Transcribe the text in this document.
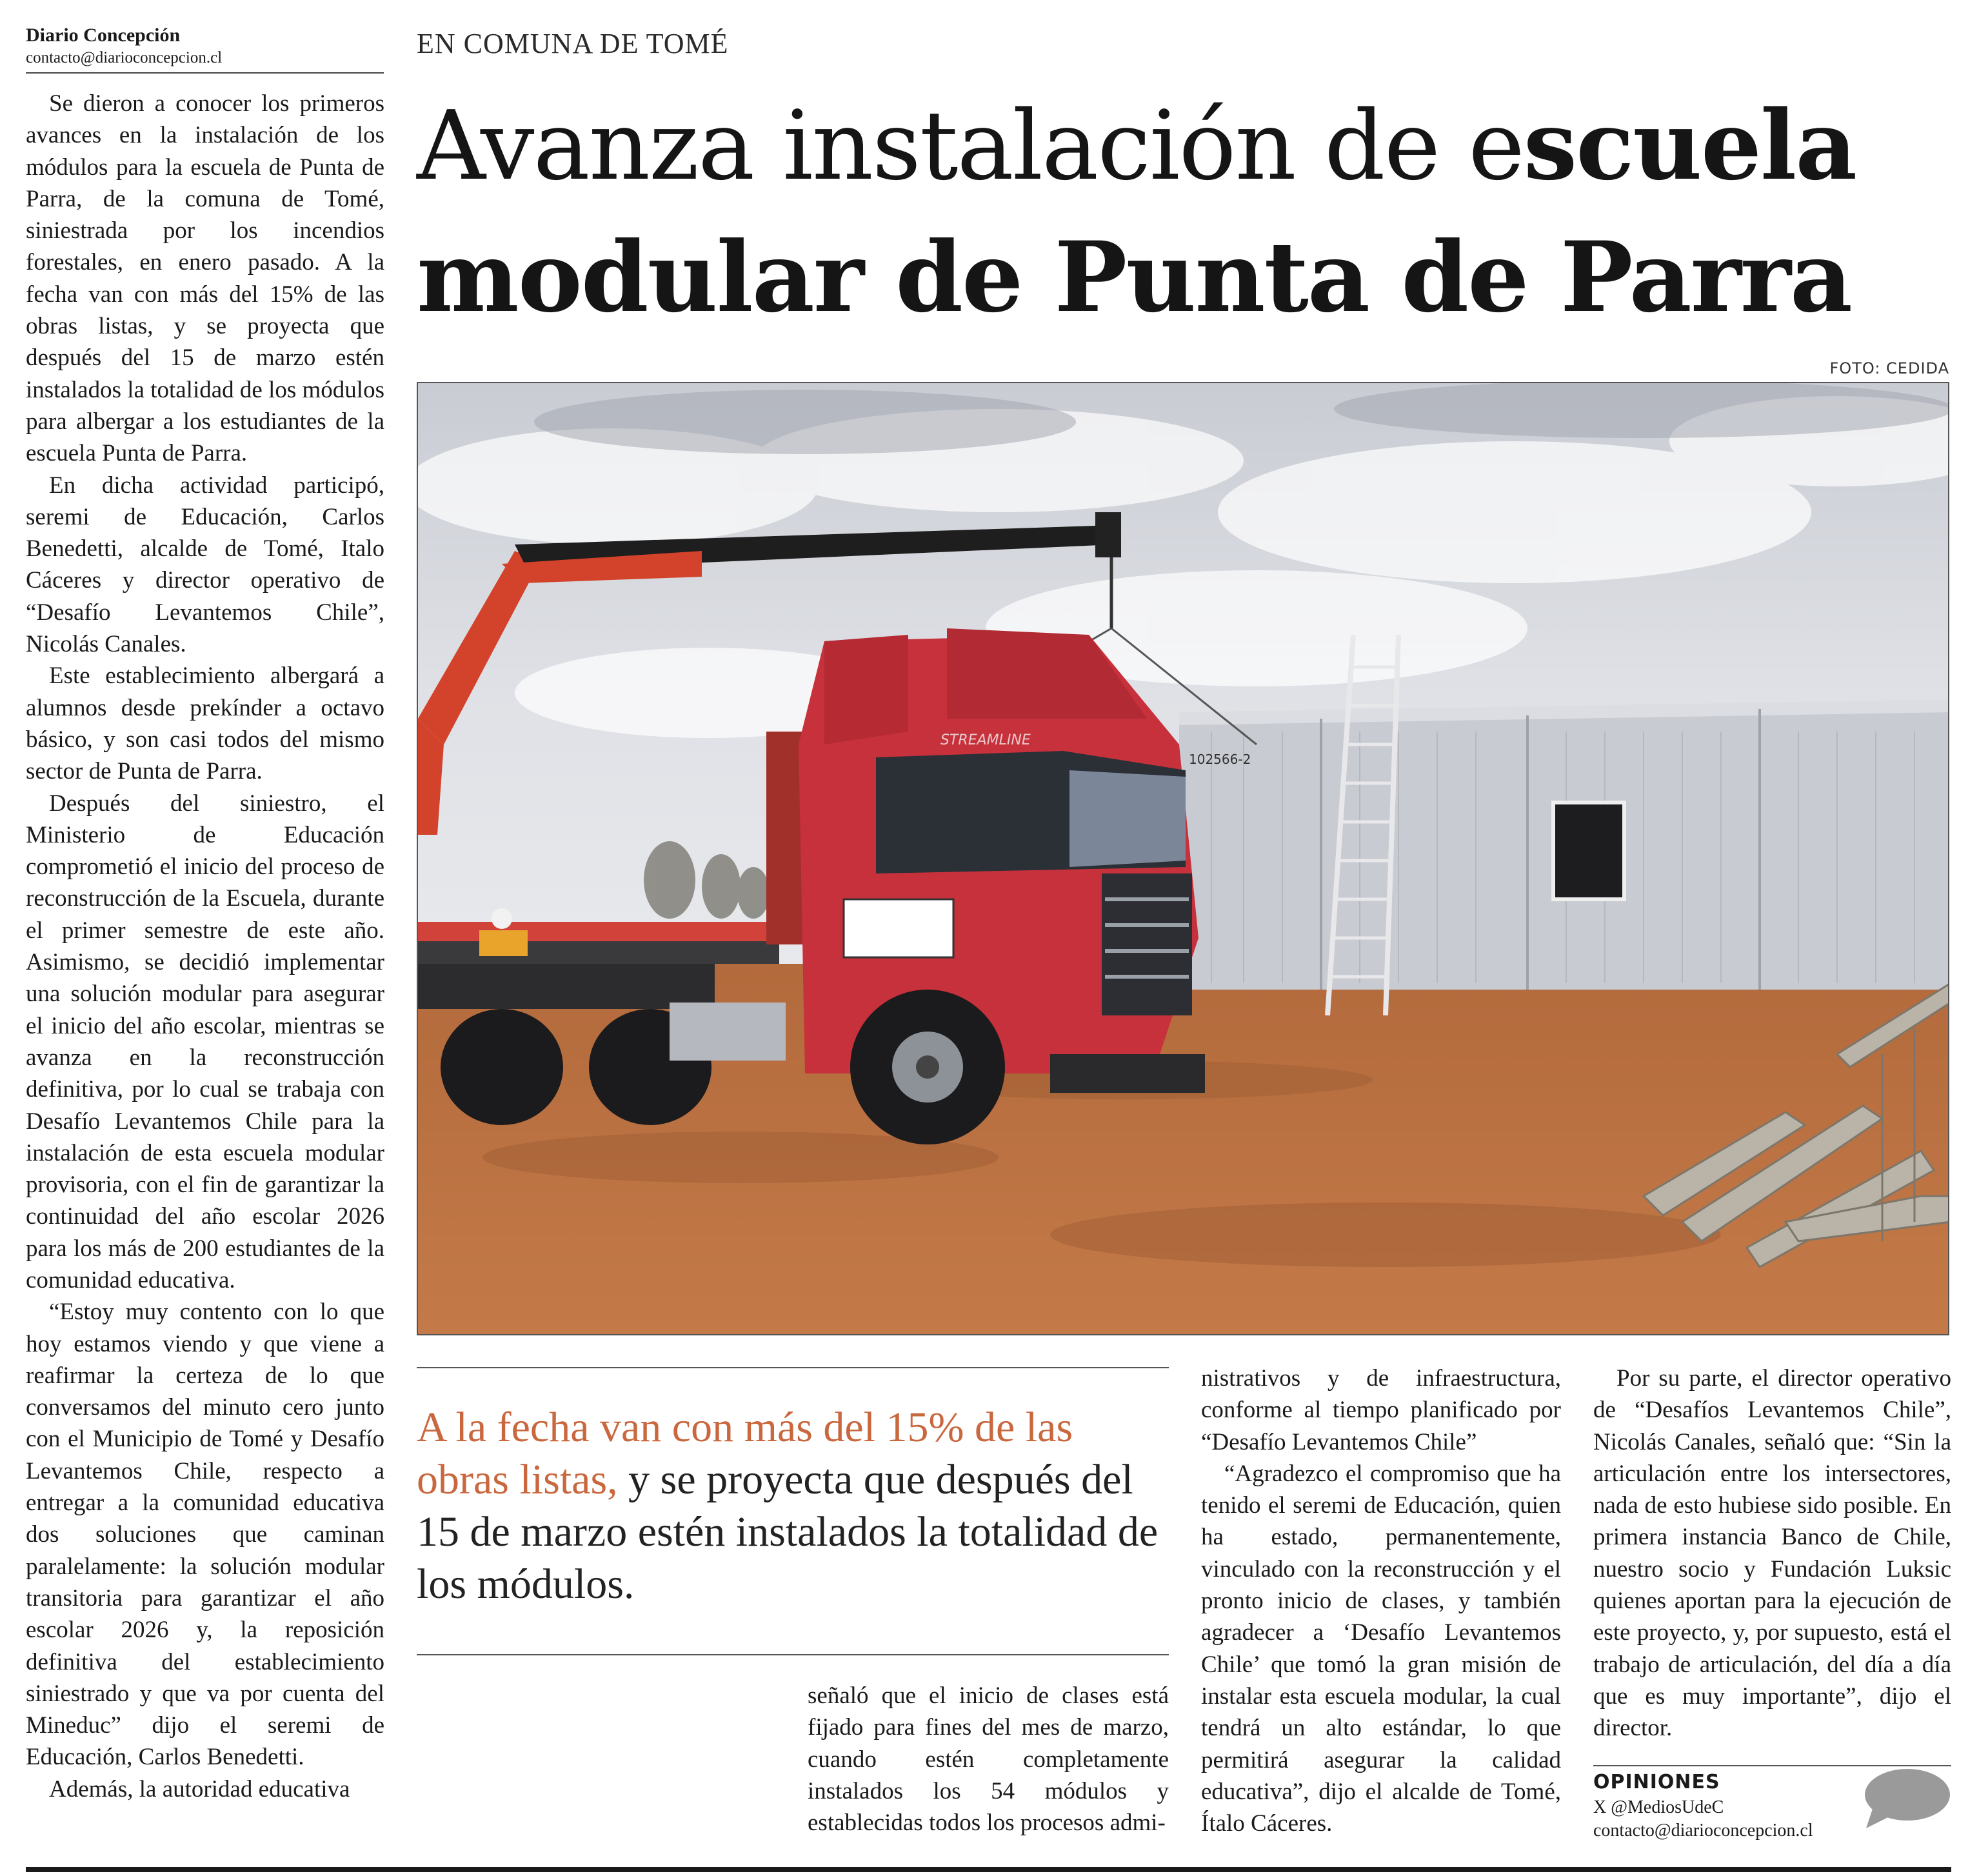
Diario Concepción
contacto@diarioconcepcion.cl	EN COMUNA DE TOMÉ
Avanza instalación de escuela
modular de Punta de Parra
FOTO: CEDIDA
102566-2
JGZB-69
STREAMLINE

Se dieron a conocer los primeros avances en la instalación de los módulos para la escuela de Punta de Parra, de la comuna de Tomé, siniestrada por los incendios forestales, en enero pasado. A la fecha van con más del 15% de las obras listas, y se proyecta que después del 15 de marzo estén instalados la totalidad de los módulos para albergar a los estudiantes de la escuela Punta de Parra.

En dicha actividad participó, seremi de Educación, Carlos Benedetti, alcalde de Tomé, Italo Cáceres y director operativo de “Desafío Levantemos Chile”, Nicolás Canales.

Este establecimiento albergará a alumnos desde prekínder a octavo básico, y son casi todos del mismo sector de Punta de Parra.

Después del siniestro, el Ministerio de Educación comprometió el inicio del proceso de reconstrucción de la Escuela, durante el primer semestre de este año. Asimismo, se decidió implementar una solución modular para asegurar el inicio del año escolar, mientras se avanza en la reconstrucción definitiva, por lo cual se trabaja con Desafío Levantemos Chile para la instalación de esta escuela modular provisoria, con el fin de garantizar la continuidad del año escolar 2026 para los más de 200 estudiantes de la comunidad educativa.

“Estoy muy contento con lo que hoy estamos viendo y que viene a reafirmar la certeza de lo que conversamos del minuto cero junto con el Municipio de Tomé y Desafío Levantemos Chile, respecto a entregar a la comunidad educativa dos soluciones que caminan paralelamente: la solución modular transitoria para garantizar el año escolar 2026 y, la reposición definitiva del establecimiento siniestrado y que va por cuenta del Mineduc” dijo el seremi de Educación, Carlos Benedetti.

Además, la autoridad educativa

A la fecha van con más del 15% de las obras listas, y se proyecta que después del 15 de marzo estén instalados la totalidad de los módulos.

señaló que el inicio de clases está fijado para fines del mes de marzo, cuando estén completamente instalados los 54 módulos y establecidas todos los procesos admi-

nistrativos y de infraestructura, conforme al tiempo planificado por “Desafío Levantemos Chile”

“Agradezco el compromiso que ha tenido el seremi de Educación, quien ha estado, permanentemente, vinculado con la reconstrucción y el pronto inicio de clases, y también agradecer a ‘Desafío Levantemos Chile’ que tomó la gran misión de instalar esta escuela modular, la cual tendrá un alto estándar, lo que permitirá asegurar la calidad educativa”, dijo el alcalde de Tomé, Ítalo Cáceres.

Por su parte, el director operativo de “Desafíos Levantemos Chile”, Nicolás Canales, señaló que: “Sin la articulación entre los intersectores, nada de esto hubiese sido posible. En primera instancia Banco de Chile, nuestro socio y Fundación Luksic quienes aportan para la ejecución de este proyecto, y, por supuesto, está el trabajo de articulación, del día a día que es muy importante”, dijo el director.

OPINIONES
X @MediosUdeC
contacto@diarioconcepcion.cl
